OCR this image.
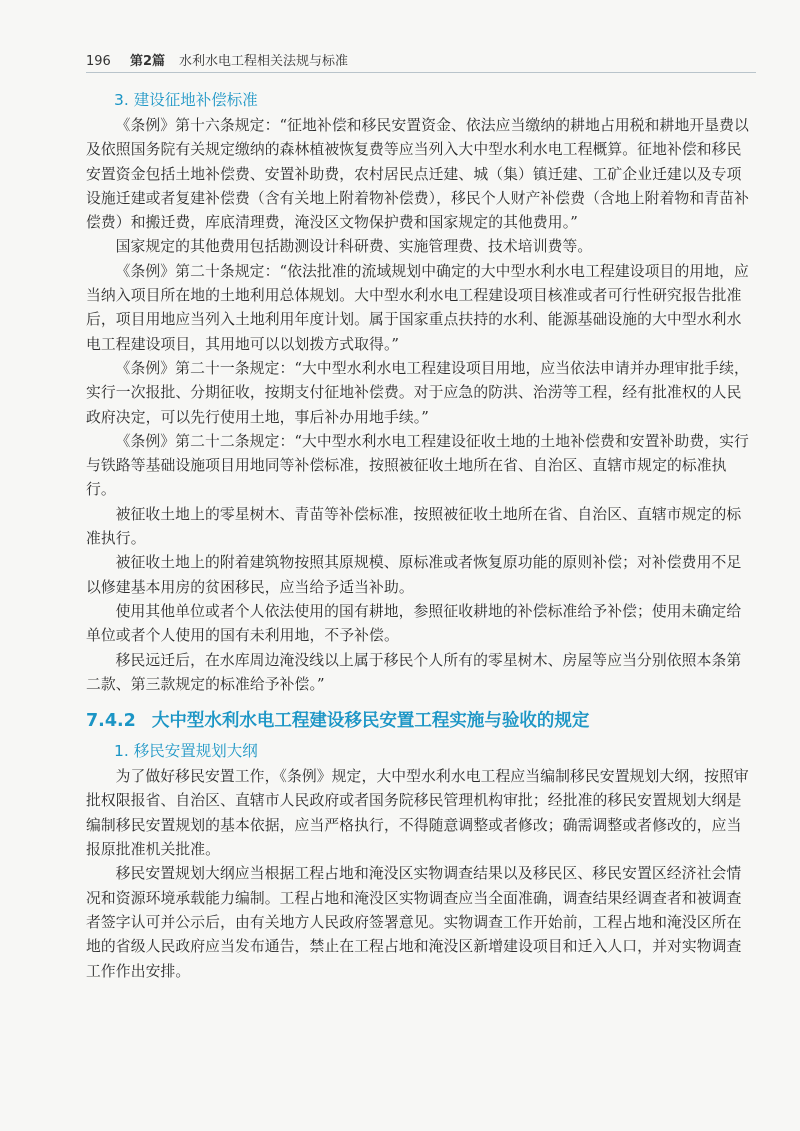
196	第2篇 水利水电工程相关法规与标准
3. 建设征地补偿标准

《条例》第十六条规定：“征地补偿和移民安置资金、依法应当缴纳的耕地占用税和耕地开垦费以及依照国务院有关规定缴纳的森林植被恢复费等应当列入大中型水利水电工程概算。征地补偿和移民安置资金包括土地补偿费、安置补助费，农村居民点迁建、城（集）镇迁建、工矿企业迁建以及专项设施迁建或者复建补偿费（含有关地上附着物补偿费），移民个人财产补偿费（含地上附着物和青苗补偿费）和搬迁费，库底清理费，淹没区文物保护费和国家规定的其他费用。”

国家规定的其他费用包括勘测设计科研费、实施管理费、技术培训费等。

《条例》第二十条规定：“依法批准的流域规划中确定的大中型水利水电工程建设项目的用地，应当纳入项目所在地的土地利用总体规划。大中型水利水电工程建设项目核准或者可行性研究报告批准后，项目用地应当列入土地利用年度计划。属于国家重点扶持的水利、能源基础设施的大中型水利水电工程建设项目，其用地可以以划拨方式取得。”

《条例》第二十一条规定：“大中型水利水电工程建设项目用地，应当依法申请并办理审批手续，实行一次报批、分期征收，按期支付征地补偿费。对于应急的防洪、治涝等工程，经有批准权的人民政府决定，可以先行使用土地，事后补办用地手续。”

《条例》第二十二条规定：“大中型水利水电工程建设征收土地的土地补偿费和安置补助费，实行与铁路等基础设施项目用地同等补偿标准，按照被征收土地所在省、自治区、直辖市规定的标准执行。

被征收土地上的零星树木、青苗等补偿标准，按照被征收土地所在省、自治区、直辖市规定的标准执行。

被征收土地上的附着建筑物按照其原规模、原标准或者恢复原功能的原则补偿；对补偿费用不足以修建基本用房的贫困移民，应当给予适当补助。

使用其他单位或者个人依法使用的国有耕地，参照征收耕地的补偿标准给予补偿；使用未确定给单位或者个人使用的国有未利用地，不予补偿。

移民远迁后，在水库周边淹没线以上属于移民个人所有的零星树木、房屋等应当分别依照本条第二款、第三款规定的标准给予补偿。”

7.4.2 大中型水利水电工程建设移民安置工程实施与验收的规定
1. 移民安置规划大纲

为了做好移民安置工作，《条例》规定，大中型水利水电工程应当编制移民安置规划大纲，按照审批权限报省、自治区、直辖市人民政府或者国务院移民管理机构审批；经批准的移民安置规划大纲是编制移民安置规划的基本依据，应当严格执行，不得随意调整或者修改；确需调整或者修改的，应当报原批准机关批准。

移民安置规划大纲应当根据工程占地和淹没区实物调查结果以及移民区、移民安置区经济社会情况和资源环境承载能力编制。工程占地和淹没区实物调查应当全面准确，调查结果经调查者和被调查者签字认可并公示后，由有关地方人民政府签署意见。实物调查工作开始前，工程占地和淹没区所在地的省级人民政府应当发布通告，禁止在工程占地和淹没区新增建设项目和迁入人口，并对实物调查工作作出安排。
